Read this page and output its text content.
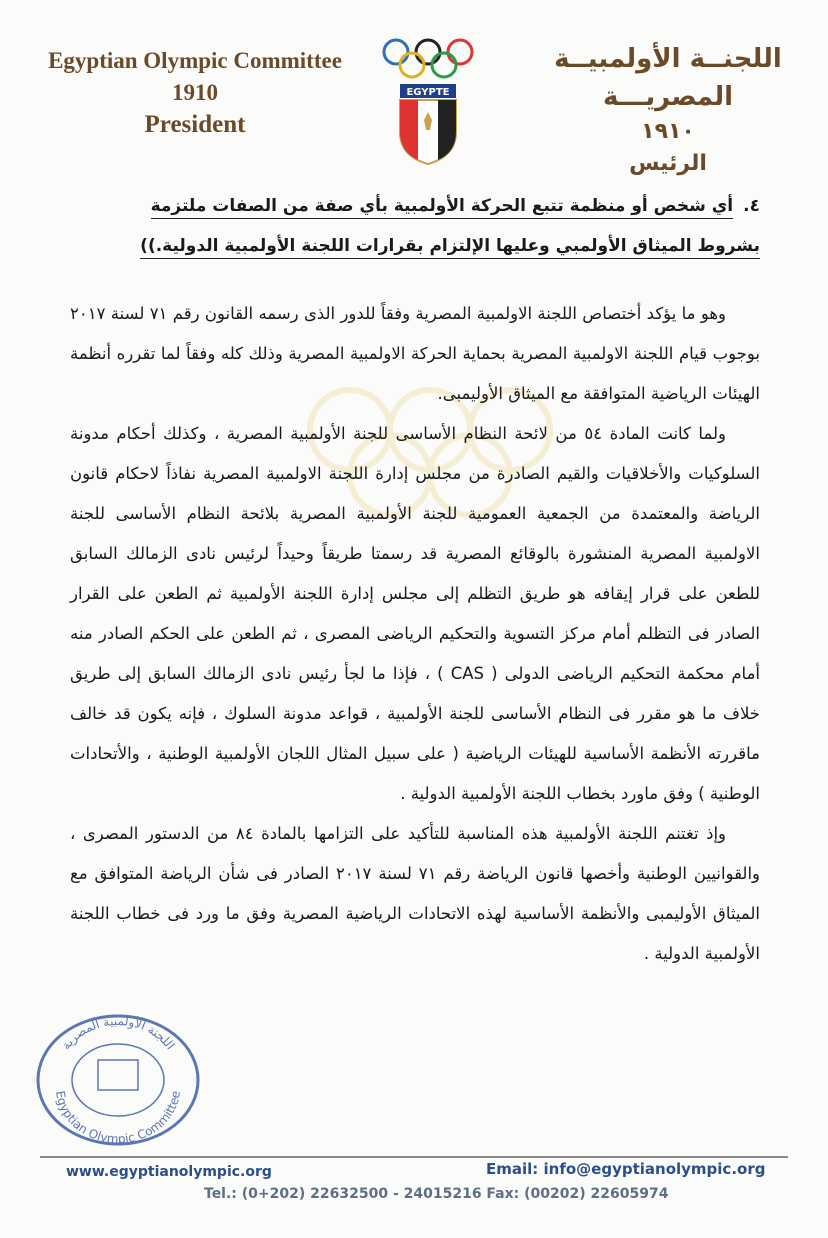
Egyptian Olympic Committee
1910
President
EGYPTE
اللجنــة الأولمبيــة المصريـــة
١٩١٠
الرئيس
٤.أي شخص أو منظمة تتبع الحركة الأولمبية بأي صفة من الصفات ملتزمة
بشروط الميثاق الأولمبي وعليها الإلتزام بقرارات اللجنة الأولمبية الدولية.))

وهو ما يؤكد أختصاص اللجنة الاولمبية المصرية وفقاً للدور الذى رسمه القانون رقم ٧١ لسنة ٢٠١٧ بوجوب قيام اللجنة الاولمبية المصرية بحماية الحركة الاولمبية المصرية وذلك كله وفقاً لما تقرره أنظمة الهيئات الرياضية المتوافقة مع الميثاق الأوليمبى.

ولما كانت المادة ٥٤ من لائحة النظام الأساسى للجنة الأولمبية المصرية ، وكذلك أحكام مدونة السلوكيات والأخلاقيات والقيم الصادرة من مجلس إدارة اللجنة الاولمبية المصرية نفاذاً لاحكام قانون الرياضة والمعتمدة من الجمعية العمومية للجنة الأولمبية المصرية بلائحة النظام الأساسى للجنة الاولمبية المصرية المنشورة بالوقائع المصرية قد رسمتا طريقاً وحيداً لرئيس نادى الزمالك السابق للطعن على قرار إيقافه هو طريق التظلم إلى مجلس إدارة اللجنة الأولمبية ثم الطعن على القرار الصادر فى التظلم أمام مركز التسوية والتحكيم الرياضى المصرى ، ثم الطعن على الحكم الصادر منه أمام محكمة التحكيم الرياضى الدولى ( CAS ) ، فإذا ما لجأ رئيس نادى الزمالك السابق إلى طريق خلاف ما هو مقرر فى النظام الأساسى للجنة الأولمبية ، قواعد مدونة السلوك ، فإنه يكون قد خالف ماقررته الأنظمة الأساسية للهيئات الرياضية ( على سبيل المثال اللجان الأولمبية الوطنية ، والأتحادات الوطنية ) وفق ماورد بخطاب اللجنة الأولمبية الدولية .

وإذ تغتنم اللجنة الأولمبية هذه المناسبة للتأكيد على التزامها بالمادة ٨٤ من الدستور المصرى ، والقوانيين الوطنية وأخصها قانون الرياضة رقم ٧١ لسنة ٢٠١٧ الصادر فى شأن الرياضة المتوافق مع الميثاق الأوليمبى والأنظمة الأساسية لهذه الاتحادات الرياضية المصرية وفق ما ورد فى خطاب اللجنة الأولمبية الدولية .

اللجنة الأولمبية المصرية
Egyptian Olympic Committee
www.egyptianolympic.org	Email: info@egyptianolympic.org
Tel.: (0+202) 22632500 - 24015216 Fax: (00202) 22605974
